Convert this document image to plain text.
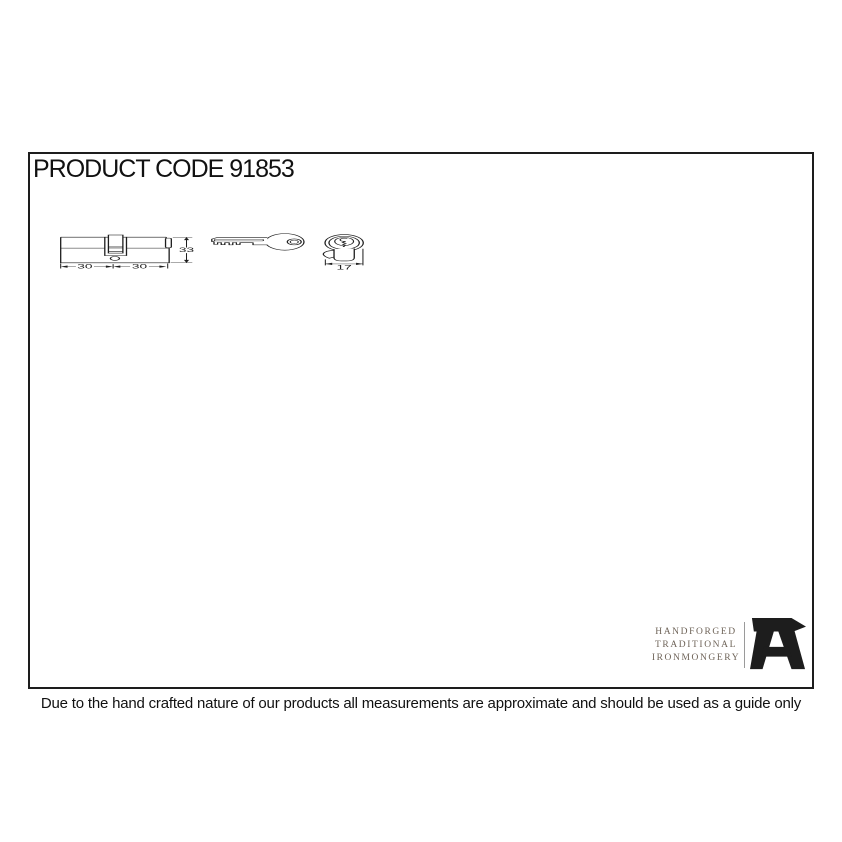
PRODUCT CODE 91853
33
30 30	17
HANDFORGED
TRADITIONAL
IRONMONGERY
Due to the hand crafted nature of our products all measurements are approximate and should be used as a guide only
